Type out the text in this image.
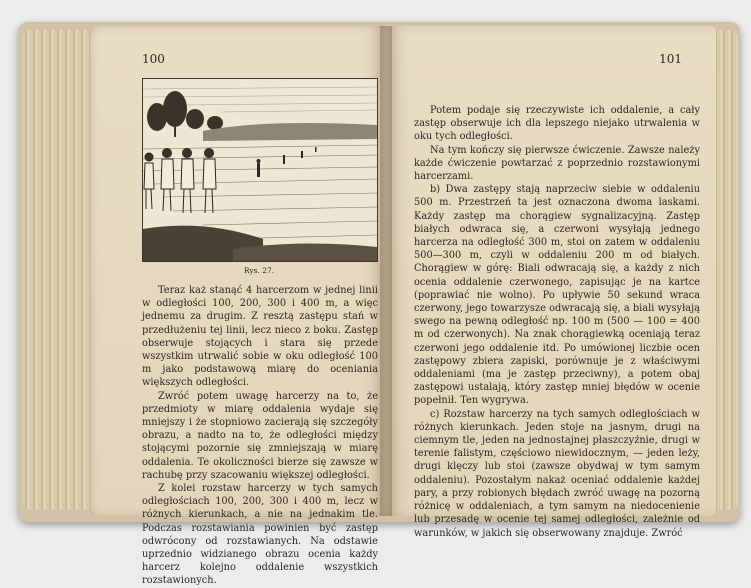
100
Rys. 27.

Teraz każ stanąć 4 harcerzom w jednej linii w odległości 100, 200, 300 i 400 m, a więc jednemu za drugim. Z resztą zastępu stań w przedłużeniu tej linii, lecz nieco z boku. Zastęp obserwuje stojących i stara się przede wszystkim utrwalić sobie w oku odległość 100 m jako podstawową miarę do oceniania większych odległości.

Zwróć potem uwagę harcerzy na to, że przedmioty w miarę oddalenia wydaje się mniejszy i że stopniowo zacierają się szczegóły obrazu, a nadto na to, że odległości między stojącymi pozornie się zmniejszają w miarę oddalenia. Te okoliczności bierze się zawsze w rachubę przy szacowaniu większej odległości.

Z kolei rozstaw harcerzy w tych samych odległościach 100, 200, 300 i 400 m, lecz w różnych kierunkach, a nie na jednakim tle. Podczas rozstawiania powinien być zastęp odwrócony od rozstawianych. Na odstawie uprzednio widzianego obrazu ocenia każdy harcerz kolejno oddalenie wszystkich rozstawionych.

101

Potem podaje się rzeczywiste ich oddalenie, a cały zastęp obserwuje ich dla lepszego niejako utrwalenia w oku tych odległości.

Na tym kończy się pierwsze ćwiczenie. Zawsze należy każde ćwiczenie powtarzać z poprzednio rozstawionymi harcerzami.

b) Dwa zastępy stają naprzeciw siebie w oddaleniu 500 m. Przestrzeń ta jest oznaczona dwoma laskami. Każdy zastęp ma chorągiew sygnalizacyjną. Zastęp białych odwraca się, a czerwoni wysyłają jednego harcerza na odległość 300 m, stoi on zatem w oddaleniu 500—300 m, czyli w oddaleniu 200 m od białych. Chorągiew w górę: Biali odwracają się, a każdy z nich ocenia oddalenie czerwonego, zapisując je na kartce (poprawiać nie wolno). Po upływie 50 sekund wraca czerwony, jego towarzysze odwracają się, a biali wysyłają swego na pewną odległość np. 100 m (500 — 100 = 400 m od czerwonych). Na znak chorągiewką oceniają teraz czerwoni jego oddalenie itd. Po umówionej liczbie ocen zastępowy zbiera zapiski, porównuje je z właściwymi oddaleniami (ma je zastęp przeciwny), a potem obaj zastępowi ustalają, który zastęp mniej błędów w ocenie popełnił. Ten wygrywa.

c) Rozstaw harcerzy na tych samych odległościach w różnych kierunkach. Jeden stoje na jasnym, drugi na ciemnym tle, jeden na jednostajnej płaszczyźnie, drugi w terenie falistym, częściowo niewidocznym, — jeden leży, drugi klęczy lub stoi (zawsze obydwaj w tym samym oddaleniu). Pozostałym nakaż oceniać oddalenie każdej pary, a przy robionych błędach zwróć uwagę na pozorną różnicę w oddaleniach, a tym samym na niedocenienie lub przesadę w ocenie tej samej odległości, zależnie od warunków, w jakich się obserwowany znajduje. Zwróć
